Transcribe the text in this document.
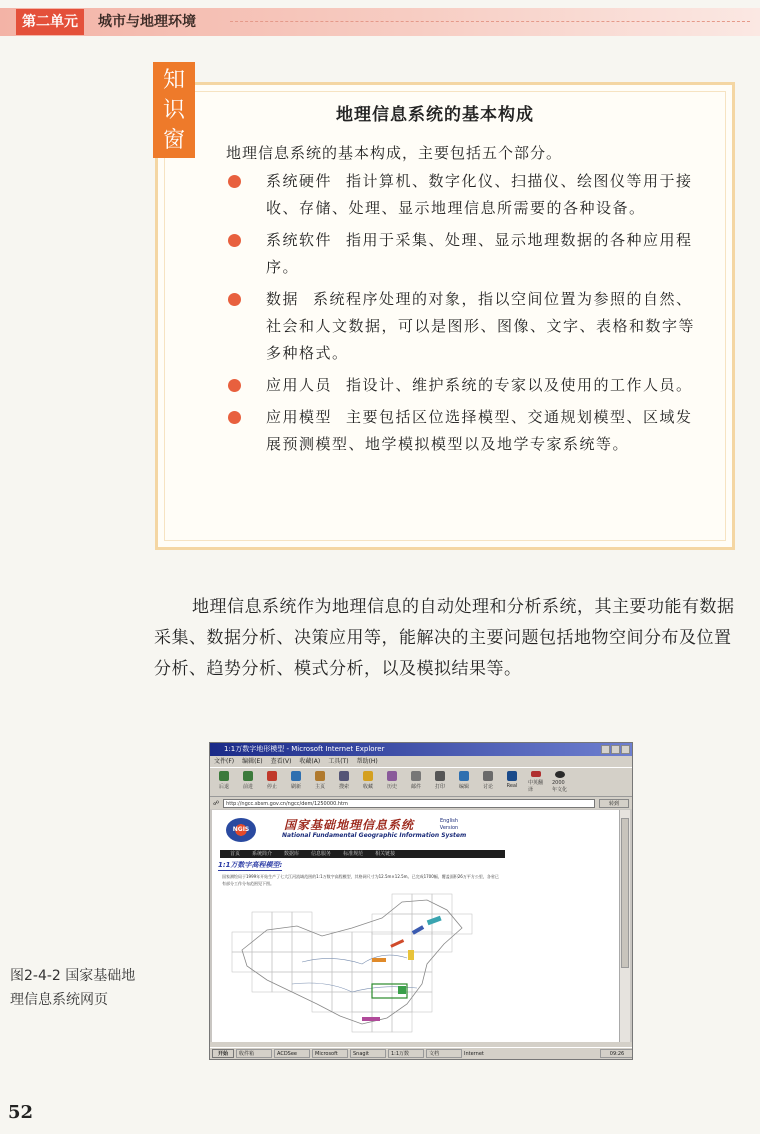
第二单元	城市与地理环境
知识窗
地理信息系统的基本构成
地理信息系统的基本构成，主要包括五个部分。
系统硬件 指计算机、数字化仪、扫描仪、绘图仪等用于接收、存储、处理、显示地理信息所需要的各种设备。
系统软件 指用于采集、处理、显示地理数据的各种应用程序。
数据 系统程序处理的对象，指以空间位置为参照的自然、社会和人文数据，可以是图形、图像、文字、表格和数字等多种格式。
应用人员 指设计、维护系统的专家以及使用的工作人员。
应用模型 主要包括区位选择模型、交通规划模型、区域发展预测模型、地学模拟模型以及地学专家系统等。

地理信息系统作为地理信息的自动处理和分析系统，其主要功能有数据采集、数据分析、决策应用等，能解决的主要问题包括地物空间分布及位置分析、趋势分析、模式分析，以及模拟结果等。

1:1万数字地形模型 - Microsoft Internet Explorer
文件(F) 编辑(E) 查看(V) 收藏(A) 工具(T) 帮助(H)
后退	前进	停止	刷新	主页	搜索	收藏	历史	邮件	打印	编辑	讨论	Real 中英翻译
2000年文化
☍	http://ngcc.sbsm.gov.cn/ngcc/dem/1250000.htm	转到
NGIS	国家基础地理信息系统
National Fundamental Geographic Information System
English Version
首页 系统简介 数据库 信息服务 标准规范 相关链接
1:1万数字高程模型:
国家测绘局于1999年开始生产了七大江河流域范围的1:1万数字高程模型，其格网尺寸为12.5m×12.5m。已完成1700幅，覆盖面积26万平方公里，各省已有部分工作分布范围见下图。
开始	收件箱	ACDSee	Microsoft	Snagit	1:1万数	文档	Internet	09:26
图2-4-2 国家基础地理信息系统网页
52
